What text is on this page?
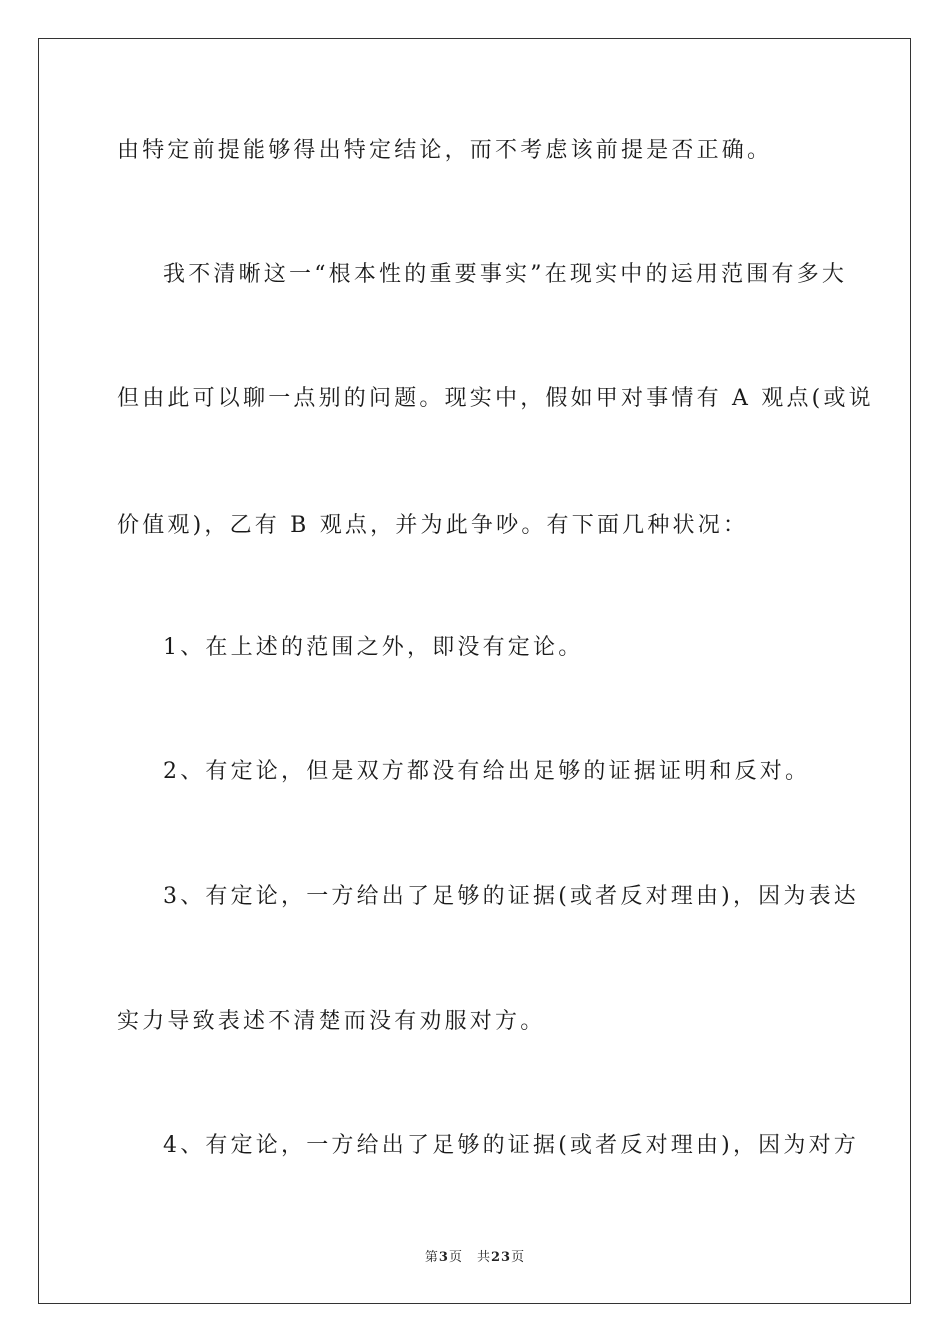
由特定前提能够得出特定结论，而不考虑该前提是否正确。
我不清晰这一“根本性的重要事实”在现实中的运用范围有多大
但由此可以聊一点别的问题。现实中，假如甲对事情有 A 观点(或说
价值观)，乙有 B 观点，并为此争吵。有下面几种状况：
1、在上述的范围之外，即没有定论。
2、有定论，但是双方都没有给出足够的证据证明和反对。
3、有定论，一方给出了足够的证据(或者反对理由)，因为表达
实力导致表述不清楚而没有劝服对方。
4、有定论，一方给出了足够的证据(或者反对理由)，因为对方
第3页 共23页
